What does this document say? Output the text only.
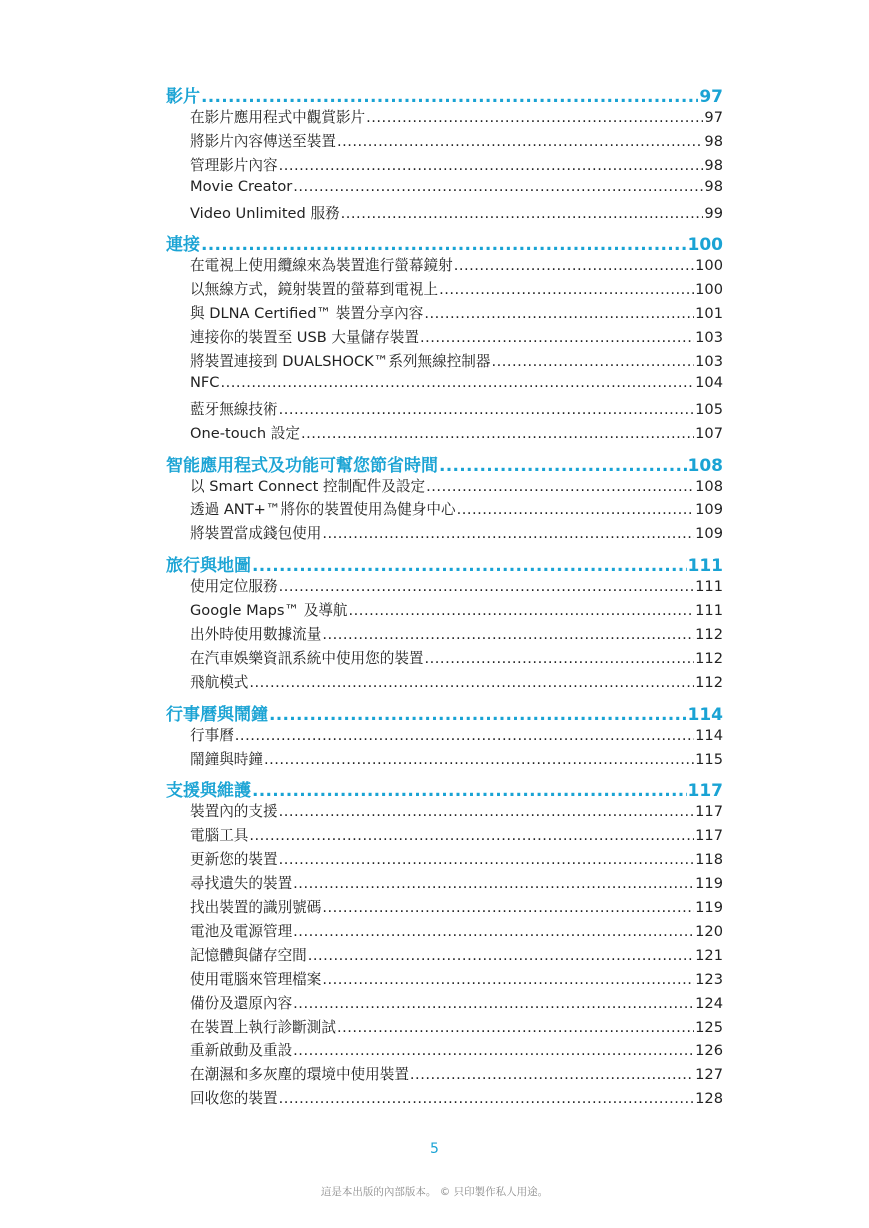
影片 .....	97
在影片應用程式中觀賞影片 .....	97
將影片內容傳送至裝置 .....	98
管理影片內容 .....	98
Movie Creator .....	98
Video Unlimited 服務 .....	99
連接 .....	100
在電視上使用纜線來為裝置進行螢幕鏡射 .....	100
以無線方式，鏡射裝置的螢幕到電視上 .....	100
與 DLNA Certified™ 裝置分享內容 .....	101
連接你的裝置至 USB 大量儲存裝置 .....	103
將裝置連接到 DUALSHOCK™系列無線控制器 .....	103
NFC .....	104
藍牙無線技術 .....	105
One-touch 設定 .....	107
智能應用程式及功能可幫您節省時間 .....	108
以 Smart Connect 控制配件及設定 .....	108
透過 ANT+™將你的裝置使用為健身中心 .....	109
將裝置當成錢包使用 .....	109
旅行與地圖 .....	111
使用定位服務 .....	111
Google Maps™ 及導航 .....	111
出外時使用數據流量 .....	112
在汽車娛樂資訊系統中使用您的裝置 .....	112
飛航模式 .....	112
行事曆與鬧鐘 .....	114
行事曆 .....	114
鬧鐘與時鐘 .....	115
支援與維護 .....	117
裝置內的支援 .....	117
電腦工具 .....	117
更新您的裝置 .....	118
尋找遺失的裝置 .....	119
找出裝置的識別號碼 .....	119
電池及電源管理 .....	120
記憶體與儲存空間 .....	121
使用電腦來管理檔案 .....	123
備份及還原內容 .....	124
在裝置上執行診斷測試 .....	125
重新啟動及重設 .....	126
在潮濕和多灰塵的環境中使用裝置 .....	127
回收您的裝置 .....	128
5
這是本出版的內部版本。 © 只印製作私人用途。
